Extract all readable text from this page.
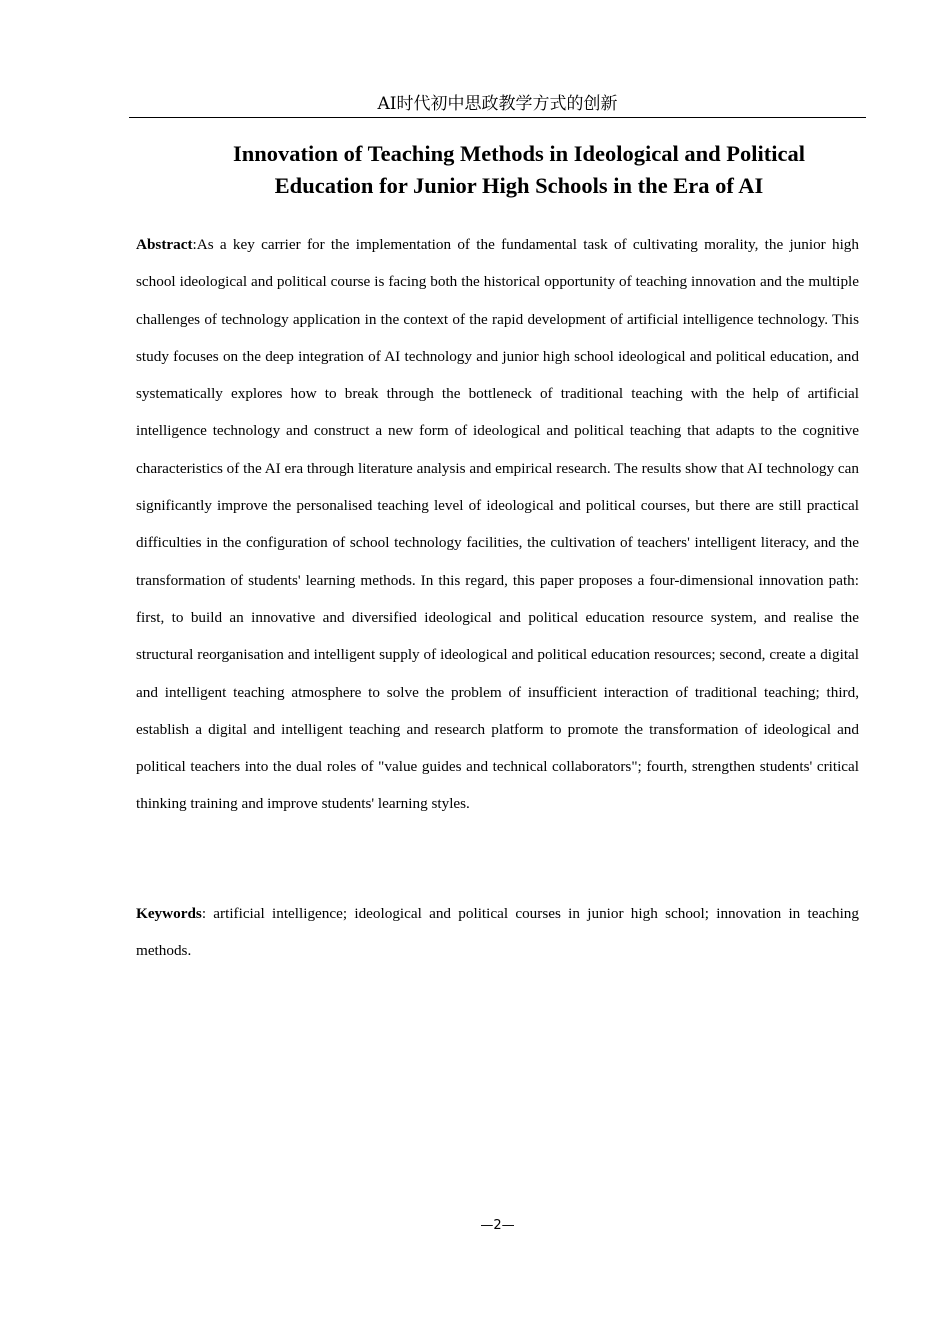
AI时代初中思政教学方式的创新
Innovation of Teaching Methods in Ideological and Political
Education for Junior High Schools in the Era of AI

Abstract:As a key carrier for the implementation of the fundamental task of cultivating morality, the junior high school ideological and political course is facing both the historical opportunity of teaching innovation and the multiple challenges of technology application in the context of the rapid development of artificial intelligence technology. This study focuses on the deep integration of AI technology and junior high school ideological and political education, and systematically explores how to break through the bottleneck of traditional teaching with the help of artificial intelligence technology and construct a new form of ideological and political teaching that adapts to the cognitive characteristics of the AI era through literature analysis and empirical research. The results show that AI technology can significantly improve the personalised teaching level of ideological and political courses, but there are still practical difficulties in the configuration of school technology facilities, the cultivation of teachers' intelligent literacy, and the transformation of students' learning methods. In this regard, this paper proposes a four-dimensional innovation path: first, to build an innovative and diversified ideological and political education resource system, and realise the structural reorganisation and intelligent supply of ideological and political education resources; second, create a digital and intelligent teaching atmosphere to solve the problem of insufficient interaction of traditional teaching; third, establish a digital and intelligent teaching and research platform to promote the transformation of ideological and political teachers into the dual roles of "value guides and technical collaborators"; fourth, strengthen students' critical thinking training and improve students' learning styles.

Keywords: artificial intelligence; ideological and political courses in junior high school; innovation in teaching methods.

—2—
